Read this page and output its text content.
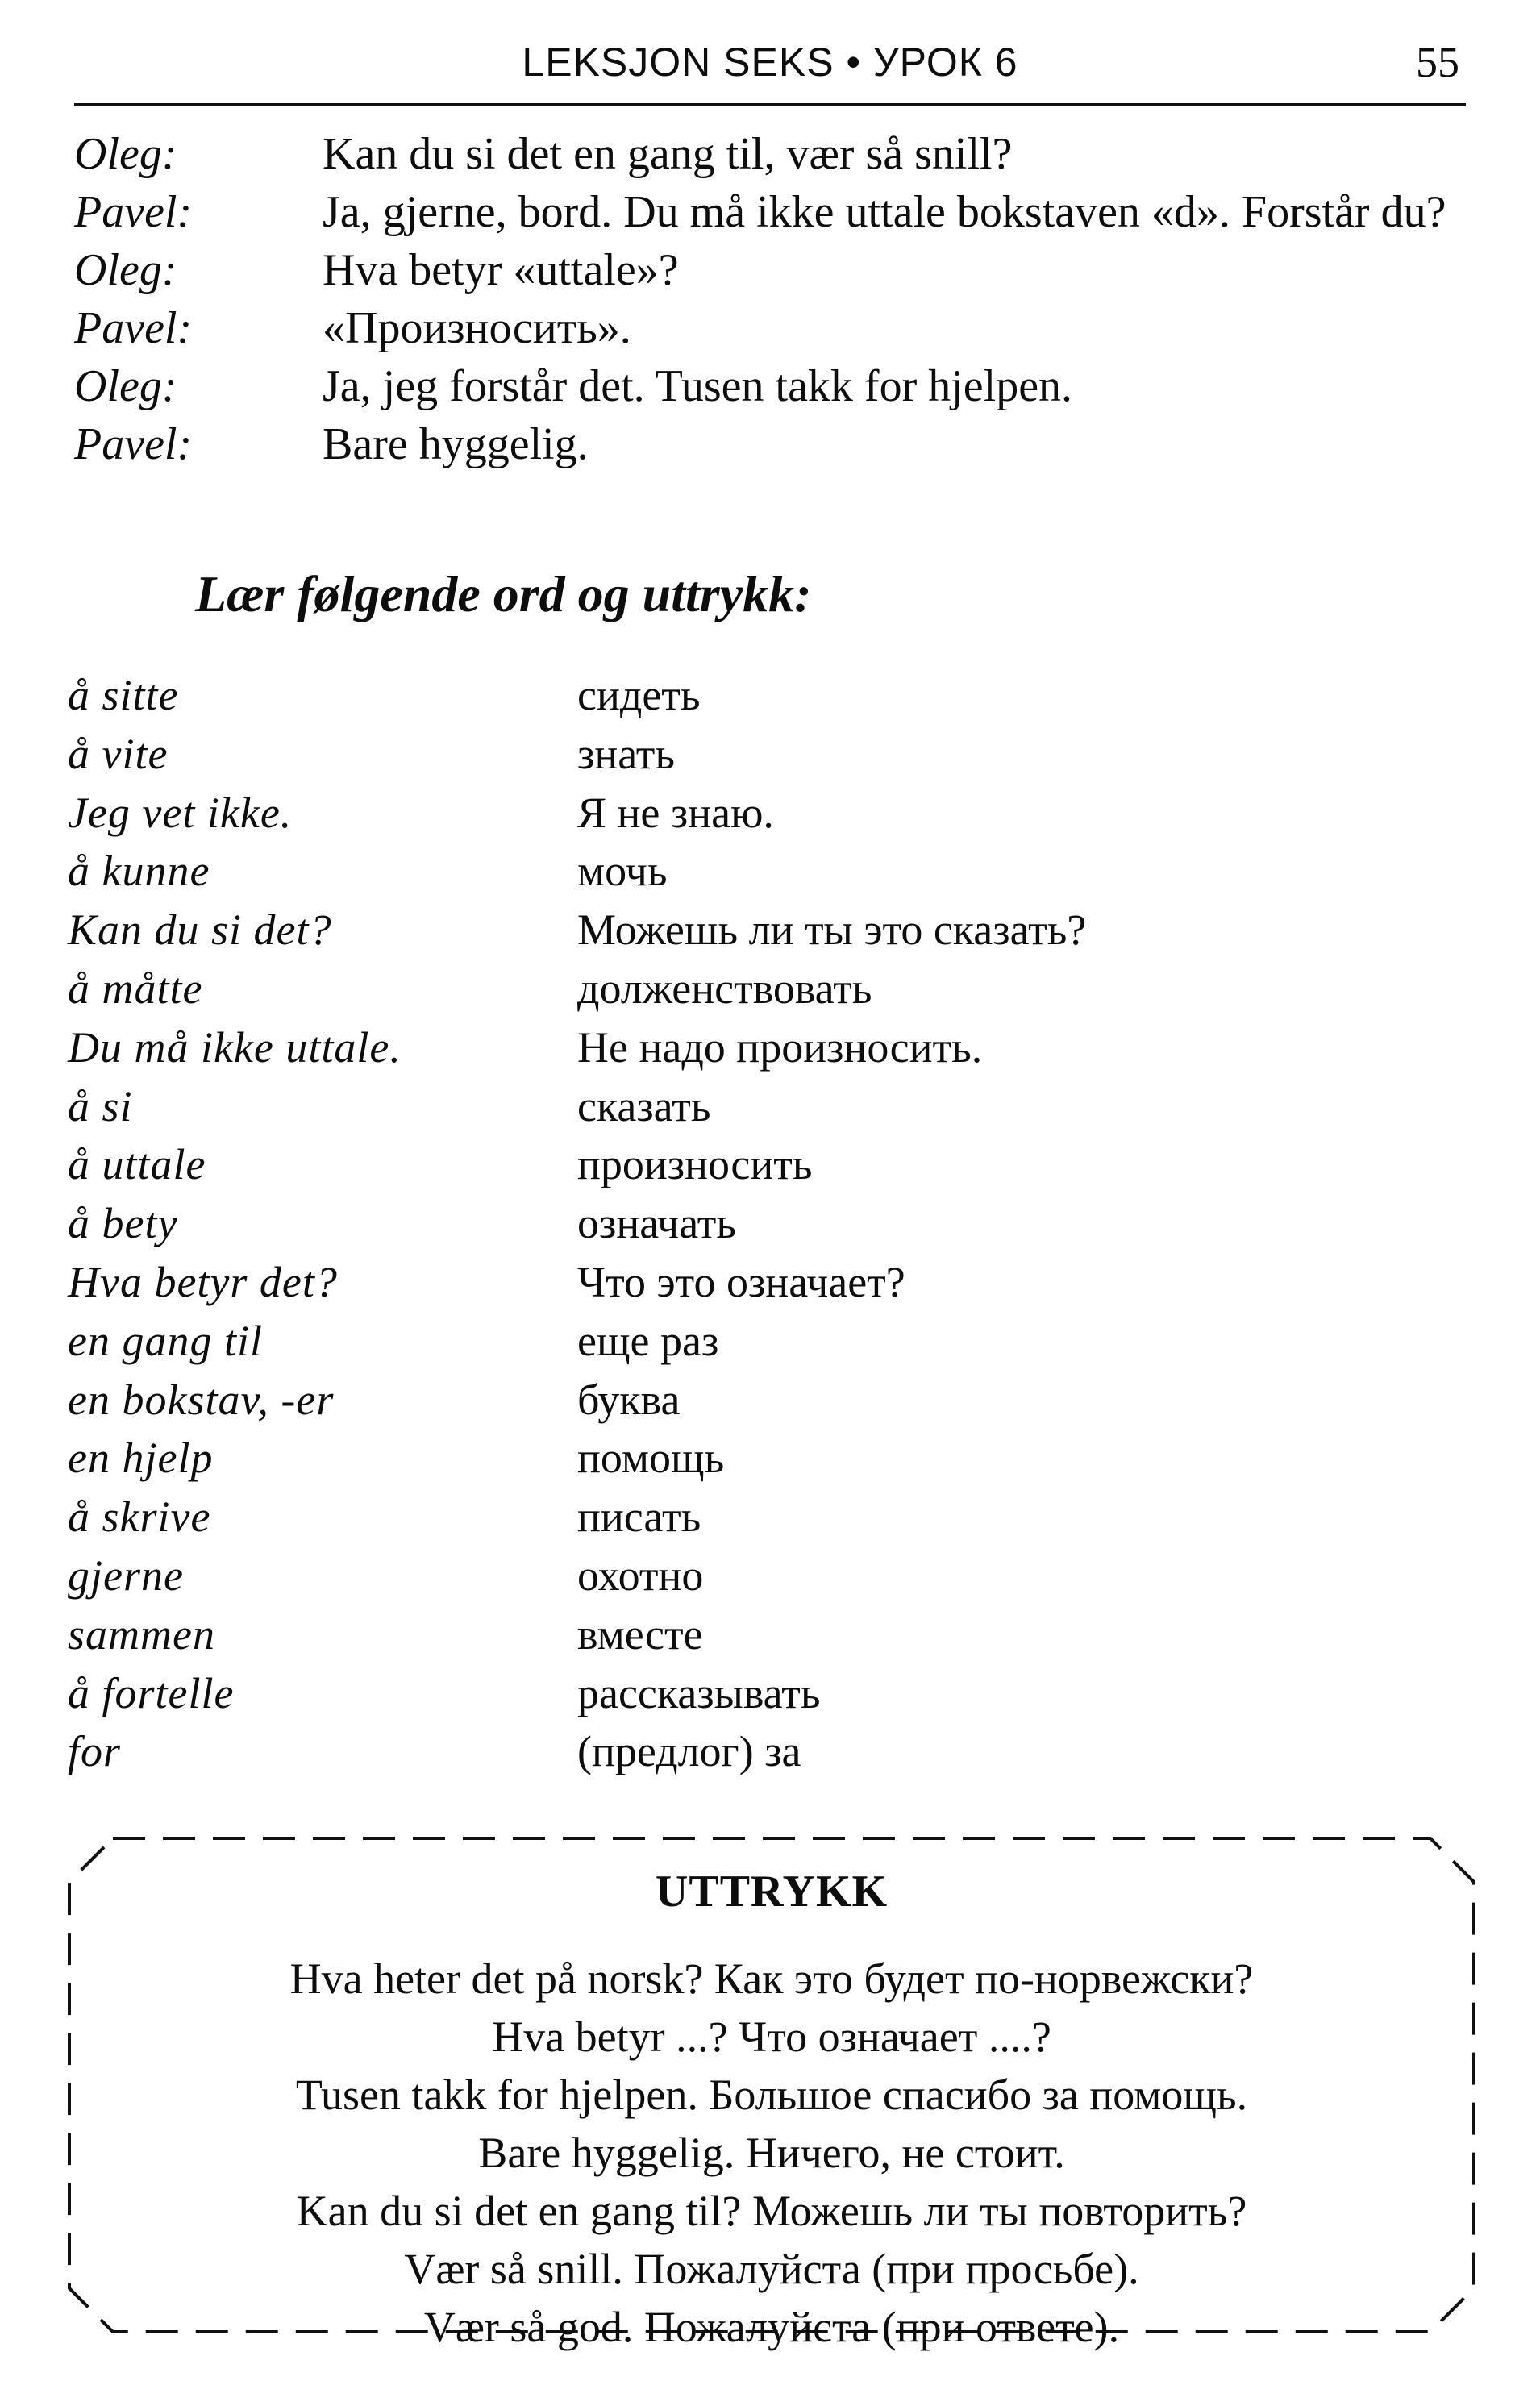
LEKSJON SEKS • УРОК 6	55
Oleg:	Kan du si det en gang til, vær så snill?
Pavel:	Ja, gjerne, bord. Du må ikke uttale bokstaven «d». Forstår du?
Oleg:	Hva betyr «uttale»?
Pavel:	«Произносить».
Oleg:	Ja, jeg forstår det. Tusen takk for hjelpen.
Pavel:	Bare hyggelig.
Lær følgende ord og uttrykk:
å sitte	сидеть
å vite	знать
Jeg vet ikke.	Я не знаю.
å kunne	мочь
Kan du si det?	Можешь ли ты это сказать?
å måtte	долженствовать
Du må ikke uttale.	Не надо произносить.
å si	сказать
å uttale	произносить
å bety	означать
Hva betyr det?	Что это означает?
en gang til	еще раз
en bokstav, -er	буква
en hjelp	помощь
å skrive	писать
gjerne	охотно
sammen	вместе
å fortelle	рассказывать
for	(предлог) за
UTTRYKK
Hva heter det på norsk? Как это будет по-норвежски?
Hva betyr ...? Что означает ....?
Tusen takk for hjelpen. Большое спасибо за помощь.
Bare hyggelig. Ничего, не стоит.
Kan du si det en gang til? Можешь ли ты повторить?
Vær så snill. Пожалуйста (при просьбе).
Vær så god. Пожалуйста (при ответе).
